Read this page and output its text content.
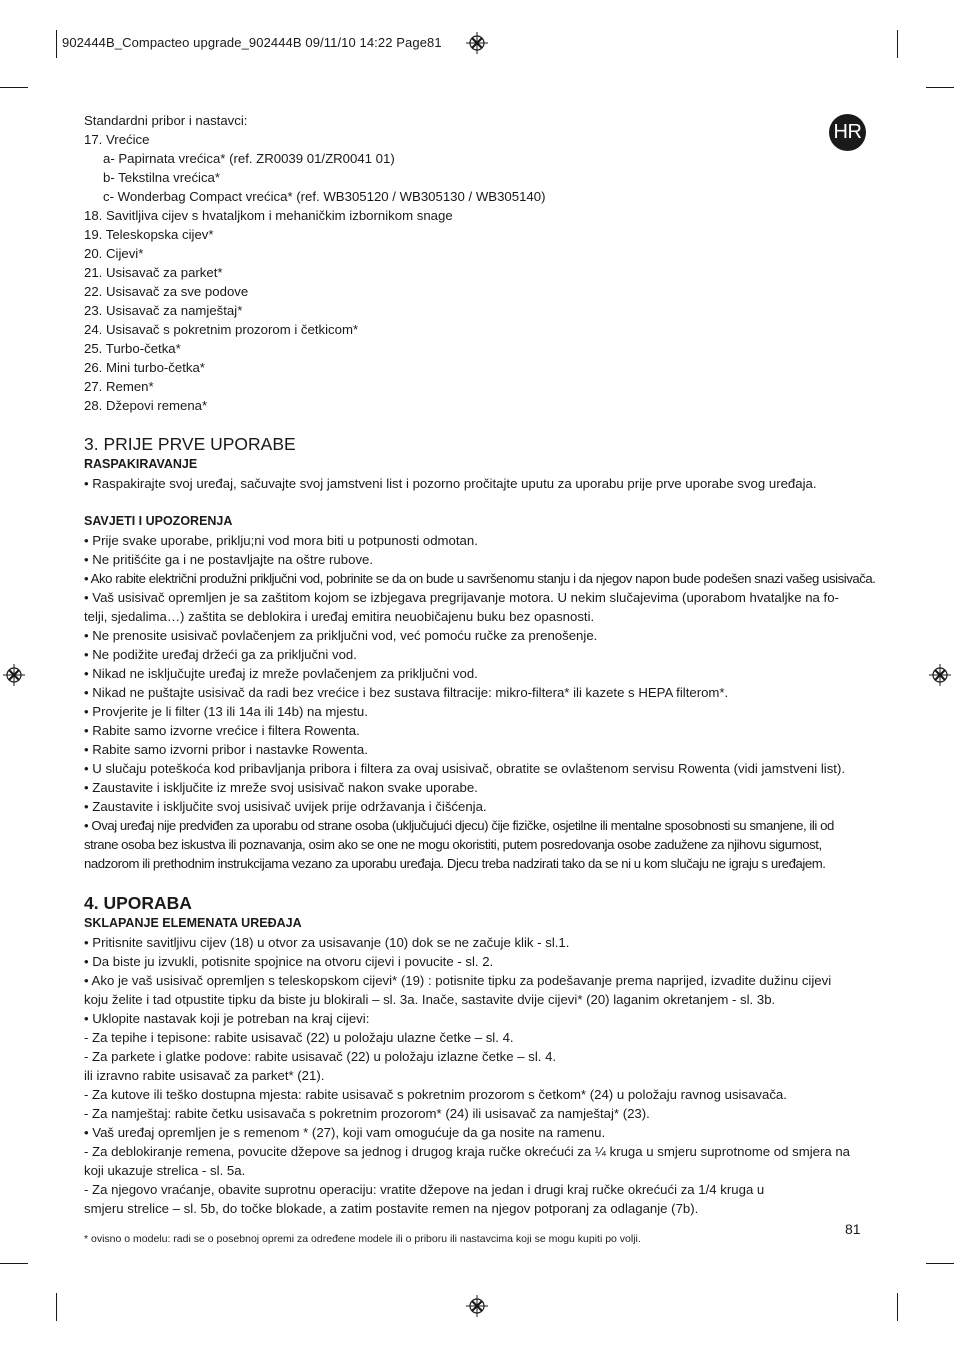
902444B_Compacteo upgrade_902444B 09/11/10 14:22 Page81
HR

Standardni pribor i nastavci:

17. Vrećice

a- Papirnata vrećica* (ref. ZR0039 01/ZR0041 01)

b- Tekstilna vrećica*

c- Wonderbag Compact vrećica* (ref. WB305120 / WB305130 / WB305140)

18. Savitljiva cijev s hvataljkom i mehaničkim izbornikom snage

19. Teleskopska cijev*

20. Cijevi*

21. Usisavač za parket*

22. Usisavač za sve podove

23. Usisavač za namještaj*

24. Usisavač s pokretnim prozorom i četkicom*

25. Turbo-četka*

26. Mini turbo-četka*

27. Remen*

28. Džepovi remena*

3. PRIJE PRVE UPORABE

RASPAKIRAVANJE

• Raspakirajte svoj uređaj, sačuvajte svoj jamstveni list i pozorno pročitajte uputu za uporabu prije prve uporabe svog uređaja.

SAVJETI I UPOZORENJA

• Prije svake uporabe, priklju;ni vod mora biti u potpunosti odmotan.

• Ne pritišćite ga i ne postavljajte na oštre rubove.

• Ako rabite električni produžni priključni vod, pobrinite se da on bude u savršenomu stanju i da njegov napon bude podešen snazi vašeg usisivača.

• Vaš usisivač opremljen je sa zaštitom kojom se izbjegava pregrijavanje motora. U nekim slučajevima (uporabom hvataljke na fo-

telji, sjedalima…) zaštita se deblokira i uređaj emitira neuobičajenu buku bez opasnosti.

• Ne prenosite usisivač povlačenjem za priključni vod, već pomoću ručke za prenošenje.

• Ne podižite uređaj držeći ga za priključni vod.

• Nikad ne isključujte uređaj iz mreže povlačenjem za priključni vod.

• Nikad ne puštajte usisivač da radi bez vrećice i bez sustava filtracije: mikro-filtera* ili kazete s HEPA filterom*.

• Provjerite je li filter (13 ili 14a ili 14b) na mjestu.

• Rabite samo izvorne vrećice i filtera Rowenta.

• Rabite samo izvorni pribor i nastavke Rowenta.

• U slučaju poteškoća kod pribavljanja pribora i filtera za ovaj usisivač, obratite se ovlaštenom servisu Rowenta (vidi jamstveni list).

• Zaustavite i isključite iz mreže svoj usisivač nakon svake uporabe.

• Zaustavite i isključite svoj usisivač uvijek prije održavanja i čišćenja.

• Ovaj uređaj nije predviđen za uporabu od strane osoba (uključujući djecu) čije fizičke, osjetilne ili mentalne sposobnosti su smanjene, ili od

strane osoba bez iskustva ili poznavanja, osim ako se one ne mogu okoristiti, putem posredovanja osobe zadužene za njihovu sigurnost,

nadzorom ili prethodnim instrukcijama vezano za uporabu uređaja. Djecu treba nadzirati tako da se ni u kom slučaju ne igraju s uređajem.

4. UPORABA

SKLAPANJE ELEMENATA UREĐAJA

• Pritisnite savitljivu cijev (18) u otvor za usisavanje (10) dok se ne začuje klik - sl.1.

• Da biste ju izvukli, potisnite spojnice na otvoru cijevi i povucite - sl. 2.

• Ako je vaš usisivač opremljen s teleskopskom cijevi* (19) : potisnite tipku za podešavanje prema naprijed, izvadite dužinu cijevi

koju želite i tad otpustite tipku da biste ju blokirali – sl. 3a. Inače, sastavite dvije cijevi* (20) laganim okretanjem - sl. 3b.

• Uklopite nastavak koji je potreban na kraj cijevi:

- Za tepihe i tepisone: rabite usisavač (22) u položaju ulazne četke – sl. 4.

- Za parkete i glatke podove: rabite usisavač (22) u položaju izlazne četke – sl. 4.

ili izravno rabite usisavač za parket* (21).

- Za kutove ili teško dostupna mjesta: rabite usisavač s pokretnim prozorom s četkom* (24) u položaju ravnog usisavača.

- Za namještaj: rabite četku usisavača s pokretnim prozorom* (24) ili usisavač za namještaj* (23).

• Vaš uređaj opremljen je s remenom * (27), koji vam omogućuje da ga nosite na ramenu.

- Za deblokiranje remena, povucite džepove sa jednog i drugog kraja ručke okrećući za ¼ kruga u smjeru suprotnome od smjera na

koji ukazuje strelica - sl. 5a.

- Za njegovo vraćanje, obavite suprotnu operaciju: vratite džepove na jedan i drugi kraj ručke okrećući za 1/4 kruga u

smjeru strelice – sl. 5b, do točke blokade, a zatim postavite remen na njegov potporanj za odlaganje (7b).

81
* ovisno o modelu: radi se o posebnoj opremi za određene modele ili o priboru ili nastavcima koji se mogu kupiti po volji.
